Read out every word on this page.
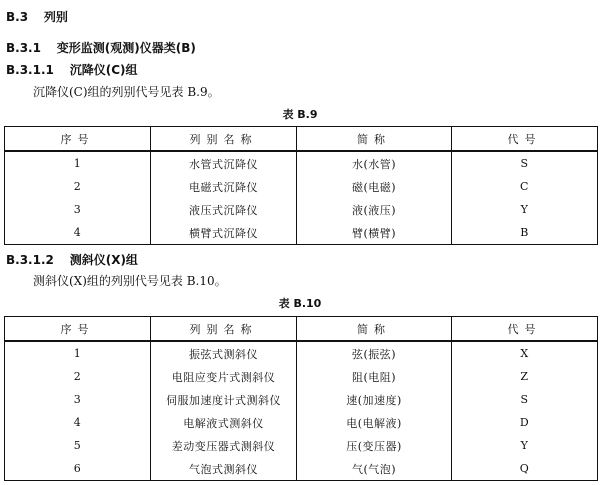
B.3 列别
B.3.1 变形监测(观测)仪器类(B)
B.3.1.1 沉降仪(C)组
沉降仪(C)组的列别代号见表 B.9。
表 B.9
序号	列别名称	简称	代号
1	水管式沉降仪	水(水管)	S
2	电磁式沉降仪	磁(电磁)	C
3	液压式沉降仪	液(液压)	Y
4	横臂式沉降仪	臂(横臂)	B
B.3.1.2 测斜仪(X)组
测斜仪(X)组的列别代号见表 B.10。
表 B.10
序号	列别名称	简称	代号
1	振弦式测斜仪	弦(振弦)	X
2	电阻应变片式测斜仪	阻(电阻)	Z
3	伺服加速度计式测斜仪	速(加速度)	S
4	电解液式测斜仪	电(电解液)	D
5	差动变压器式测斜仪	压(变压器)	Y
6	气泡式测斜仪	气(气泡)	Q
